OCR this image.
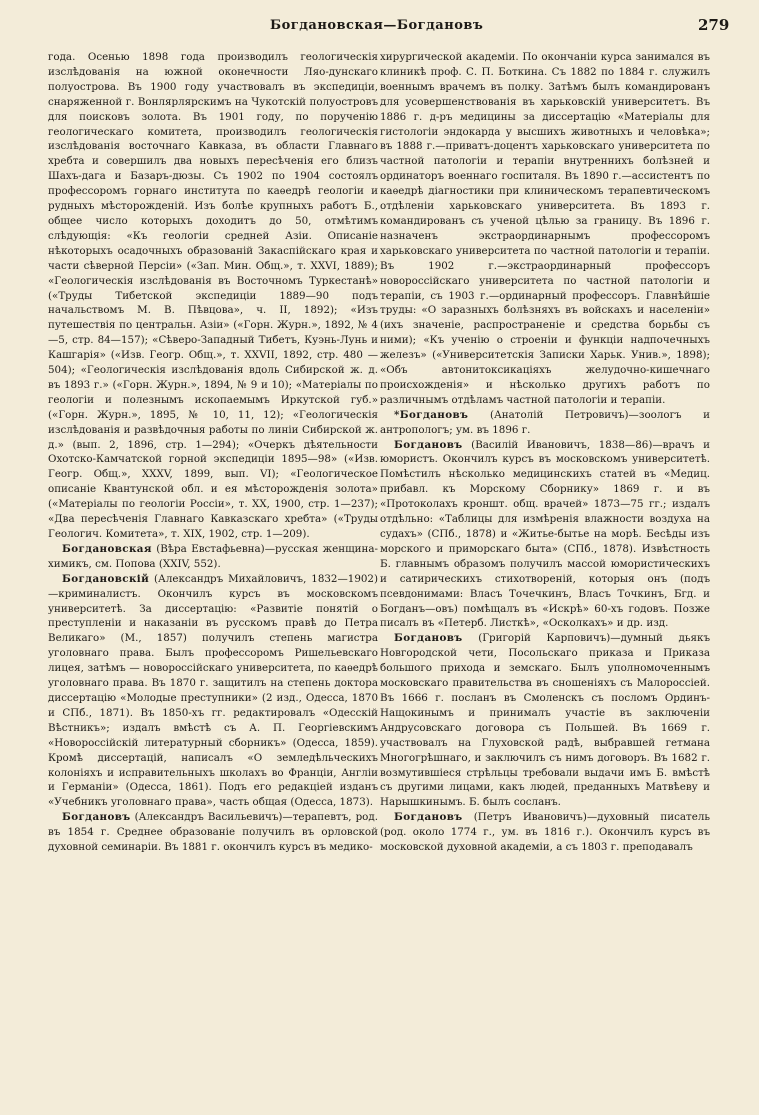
Богдановская—Богдановъ	279

года. Осенью 1898 года производилъ геологическія изслѣдованія на южной оконечности Ляо-дунскаго полуострова. Въ 1900 году участвовалъ въ экспедиціи, снаряженной г. Вонлярлярскимъ на Чукотскій полуостровъ для поисковъ золота. Въ 1901 году, по порученію геологическаго комитета, производилъ геологическія изслѣдованія восточнаго Кавказа, въ области Главнаго хребта и совершилъ два новыхъ пересѣченія его близъ Шахъ-дага и Базаръ-дюзы. Съ 1902 по 1904 состоялъ профессоромъ горнаго института по каѳедрѣ геологіи и рудныхъ мѣсторожденій. Изъ болѣе крупныхъ работъ Б., общее число которыхъ доходитъ до 50, отмѣтимъ слѣдующія: «Къ геологіи средней Азіи. Описаніе нѣкоторыхъ осадочныхъ образованій Закаспійскаго края и части сѣверной Персіи» («Зап. Мин. Общ.», т. XXVI, 1889); «Геологическія изслѣдованія въ Восточномъ Туркестанѣ» («Труды Тибетской экспедиціи 1889—90 подъ начальствомъ М. В. Пѣвцова», ч. II, 1892); «Изъ путешествія по центральн. Азіи» («Горн. Журн.», 1892, № 4—5, стр. 84—157); «Сѣверо-Западный Тибетъ, Куэнь-Лунь и Кашгарія» («Изв. Геогр. Общ.», т. XXVII, 1892, стр. 480 — 504); «Геологическія изслѣдованія вдоль Сибирской ж. д. въ 1893 г.» («Горн. Журн.», 1894, № 9 и 10); «Матеріалы по геологіи и полезнымъ ископаемымъ Иркутской губ.» («Горн. Журн.», 1895, № 10, 11, 12); «Геологическія изслѣдованія и развѣдочныя работы по линіи Сибирской ж. д.» (вып. 2, 1896, стр. 1—294); «Очеркъ дѣятельности Охотско-Камчатской горной экспедиціи 1895—98» («Изв. Геогр. Общ.», XXXV, 1899, вып. VI); «Геологическое описаніе Квантунской обл. и ея мѣсторожденія золота» («Матеріалы по геологіи Россіи», т. XX, 1900, стр. 1—237); «Два пересѣченія Главнаго Кавказскаго хребта» («Труды Геологич. Комитета», т. XIX, 1902, стр. 1—209).

Богдановская (Вѣра Евстафьевна)—русская женщина-химикъ, см. Попова (XXIV, 552).

Богдановскій (Александръ Михайловичъ, 1832—1902)—криминалистъ. Окончилъ курсъ въ московскомъ университетѣ. За диссертацію: «Развитіе понятій о преступленіи и наказаніи въ русскомъ правѣ до Петра Великаго» (М., 1857) получилъ степень магистра уголовнаго права. Былъ профессоромъ Ришельевскаго лицея, затѣмъ — новороссійскаго университета, по каѳедрѣ уголовнаго права. Въ 1870 г. защитилъ на степень доктора диссертацію «Молодые преступники» (2 изд., Одесса, 1870 и СПб., 1871). Въ 1850-хъ гг. редактировалъ «Одесскій Вѣстникъ»; издалъ вмѣстѣ съ А. П. Георгіевскимъ «Новороссійскій литературный сборникъ» (Одесса, 1859). Кромѣ диссертацій, написалъ «О земледѣльческихъ колоніяхъ и исправительныхъ школахъ во Франціи, Англіи и Германіи» (Одесса, 1861). Подъ его редакціей изданъ «Учебникъ уголовнаго права», часть общая (Одесса, 1873).

Богдановъ (Александръ Васильевичъ)—терапевтъ, род. въ 1854 г. Среднее образованіе получилъ въ орловской духовной семинаріи. Въ 1881 г. окончилъ курсъ въ медико-

хирургической академіи. По окончаніи курса занимался въ клиникѣ проф. С. П. Боткина. Съ 1882 по 1884 г. служилъ военнымъ врачемъ въ полку. Затѣмъ былъ командированъ для усовершенствованія въ харьковскій университетъ. Въ 1886 г. д-ръ медицины за диссертацію «Матеріалы для гистологіи эндокарда у высшихъ животныхъ и человѣка»; въ 1888 г.—приватъ-доцентъ харьковскаго университета по частной патологіи и терапіи внутреннихъ болѣзней и ординаторъ военнаго госпиталя. Въ 1890 г.—ассистентъ по каѳедрѣ діагностики при клиническомъ терапевтическомъ отдѣленіи харьковскаго университета. Въ 1893 г. командированъ съ ученой цѣлью за границу. Въ 1896 г. назначенъ экстраординарнымъ профессоромъ харьковскаго университета по частной патологіи и терапіи. Въ 1902 г.—экстраординарный профессоръ новороссійскаго университета по частной патологіи и терапіи, съ 1903 г.—ординарный профессоръ. Главнѣйшіе труды: «О заразныхъ болѣзняхъ въ войскахъ и населеніи» (ихъ значеніе, распространеніе и средства борьбы съ ними); «Къ ученію о строеніи и функціи надпочечныхъ железъ» («Университетскія Записки Харьк. Унив.», 1898); «Объ автонитоксикаціяхъ желудочно-кишечнаго происхожденія» и нѣсколько другихъ работъ по различнымъ отдѣламъ частной патологіи и терапіи.

*Богдановъ (Анатолій Петровичъ)—зоологъ и антропологъ; ум. въ 1896 г.

Богдановъ (Василій Ивановичъ, 1838—86)—врачъ и юмористъ. Окончилъ курсъ въ московскомъ университетѣ. Помѣстилъ нѣсколько медицинскихъ статей въ «Медиц. прибавл. къ Морскому Сборнику» 1869 г. и въ «Протоколахъ кроншт. общ. врачей» 1873—75 гг.; издалъ отдѣльно: «Таблицы для измѣренія влажности воздуха на судахъ» (СПб., 1878) и «Житье-бытье на морѣ. Бесѣды изъ морского и приморскаго быта» (СПб., 1878). Извѣстность Б. главнымъ образомъ получилъ массой юмористическихъ и сатирическихъ стихотвореній, которыя онъ (подъ псевдонимами: Власъ Точечкинъ, Власъ Точкинъ, Бгд. и Богданъ—овъ) помѣщалъ въ «Искрѣ» 60-хъ годовъ. Позже писалъ въ «Петерб. Листкѣ», «Осколкахъ» и др. изд.

Богдановъ (Григорій Карповичъ)—думный дьякъ Новгородской чети, Посольскаго приказа и Приказа большого прихода и земскаго. Былъ уполномоченнымъ московскаго правительства въ сношеніяхъ съ Малороссіей. Въ 1666 г. посланъ въ Смоленскъ съ посломъ Ординъ-Нащокинымъ и принималъ участіе въ заключеніи Андрусовскаго договора съ Польшей. Въ 1669 г. участвовалъ на Глуховской радѣ, выбравшей гетмана Многогрѣшнаго, и заключилъ съ нимъ договоръ. Въ 1682 г. возмутившіеся стрѣльцы требовали выдачи имъ Б. вмѣстѣ съ другими лицами, какъ людей, преданныхъ Матвѣеву и Нарышкинымъ. Б. былъ сосланъ.

Богдановъ (Петръ Ивановичъ)—духовный писатель (род. около 1774 г., ум. въ 1816 г.). Окончилъ курсъ въ московской духовной академіи, а съ 1803 г. преподавалъ
